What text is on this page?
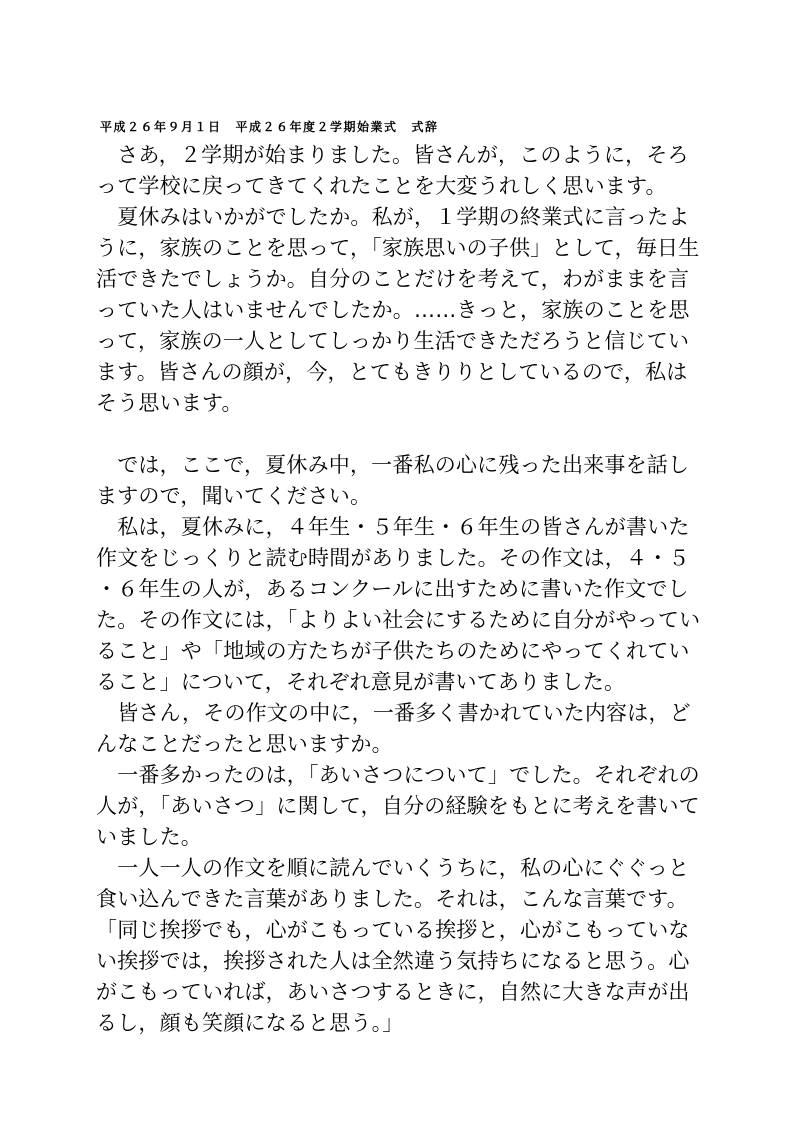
平成２６年９月１日 平成２６年度２学期始業式 式辞
　さあ，２学期が始まりました。皆さんが，このように，そろ
って学校に戻ってきてくれたことを大変うれしく思います。
　夏休みはいかがでしたか。私が，１学期の終業式に言ったよ
うに，家族のことを思って，「家族思いの子供」として，毎日生
活できたでしょうか。自分のことだけを考えて，わがままを言
っていた人はいませんでしたか。……きっと，家族のことを思
って，家族の一人としてしっかり生活できただろうと信じてい
ます。皆さんの顔が，今，とてもきりりとしているので，私は
そう思います。
　では，ここで，夏休み中，一番私の心に残った出来事を話し
ますので，聞いてください。
　私は，夏休みに，４年生・５年生・６年生の皆さんが書いた
作文をじっくりと読む時間がありました。その作文は，４・５
・６年生の人が，あるコンクールに出すために書いた作文でし
た。その作文には，「よりよい社会にするために自分がやってい
ること」や「地域の方たちが子供たちのためにやってくれてい
ること」について，それぞれ意見が書いてありました。
　皆さん，その作文の中に，一番多く書かれていた内容は，ど
んなことだったと思いますか。
　一番多かったのは，「あいさつについて」でした。それぞれの
人が，「あいさつ」に関して，自分の経験をもとに考えを書いて
いました。
　一人一人の作文を順に読んでいくうちに，私の心にぐぐっと
食い込んできた言葉がありました。それは，こんな言葉です。
「同じ挨拶でも，心がこもっている挨拶と，心がこもっていな
い挨拶では，挨拶された人は全然違う気持ちになると思う。心
がこもっていれば，あいさつするときに，自然に大きな声が出
るし，顔も笑顔になると思う。」
